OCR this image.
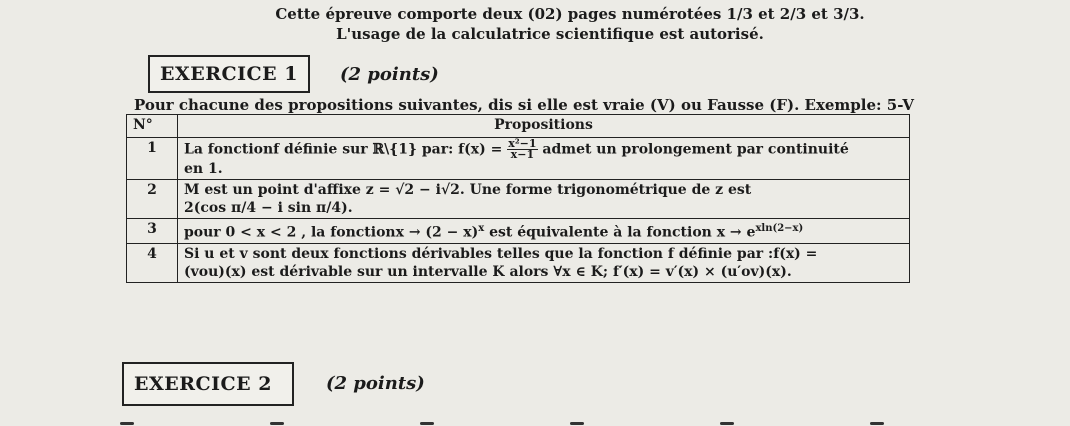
Cette épreuve comporte deux (02) pages numérotées 1/3 et 2/3 et 3/3.
L'usage de la calculatrice scientifique est autorisé.
EXERCICE 1	(2 points)
Pour chacune des propositions suivantes, dis si elle est vraie (V) ou Fausse (F). Exemple: 5-V
N°	Propositions
1	La fonctionf définie sur ℝ\{1} par: $f(x) = \frac{\text{x²−1}}{x-1}$ admet un prolongement par continuité
en 1.

2	M est un point d'affixe z = √2 − i√2. Une forme trigonométrique de z est
2(cos π/4 − i sin π/4).

3	pour 0 < x < 2 , la fonctionx → $(2 - x)^x$ est équivalente à la fonction $x \to e^{xln(2-x)}$
4	Si u et v sont deux fonctions dérivables telles que la fonction f définie par :f(x) =
(vou)(x) est dérivable sur un intervalle K alors ∀x ∈ K; f′(x) = v′(x) × (u′ov)(x).
EXERCICE 2	(2 points)
